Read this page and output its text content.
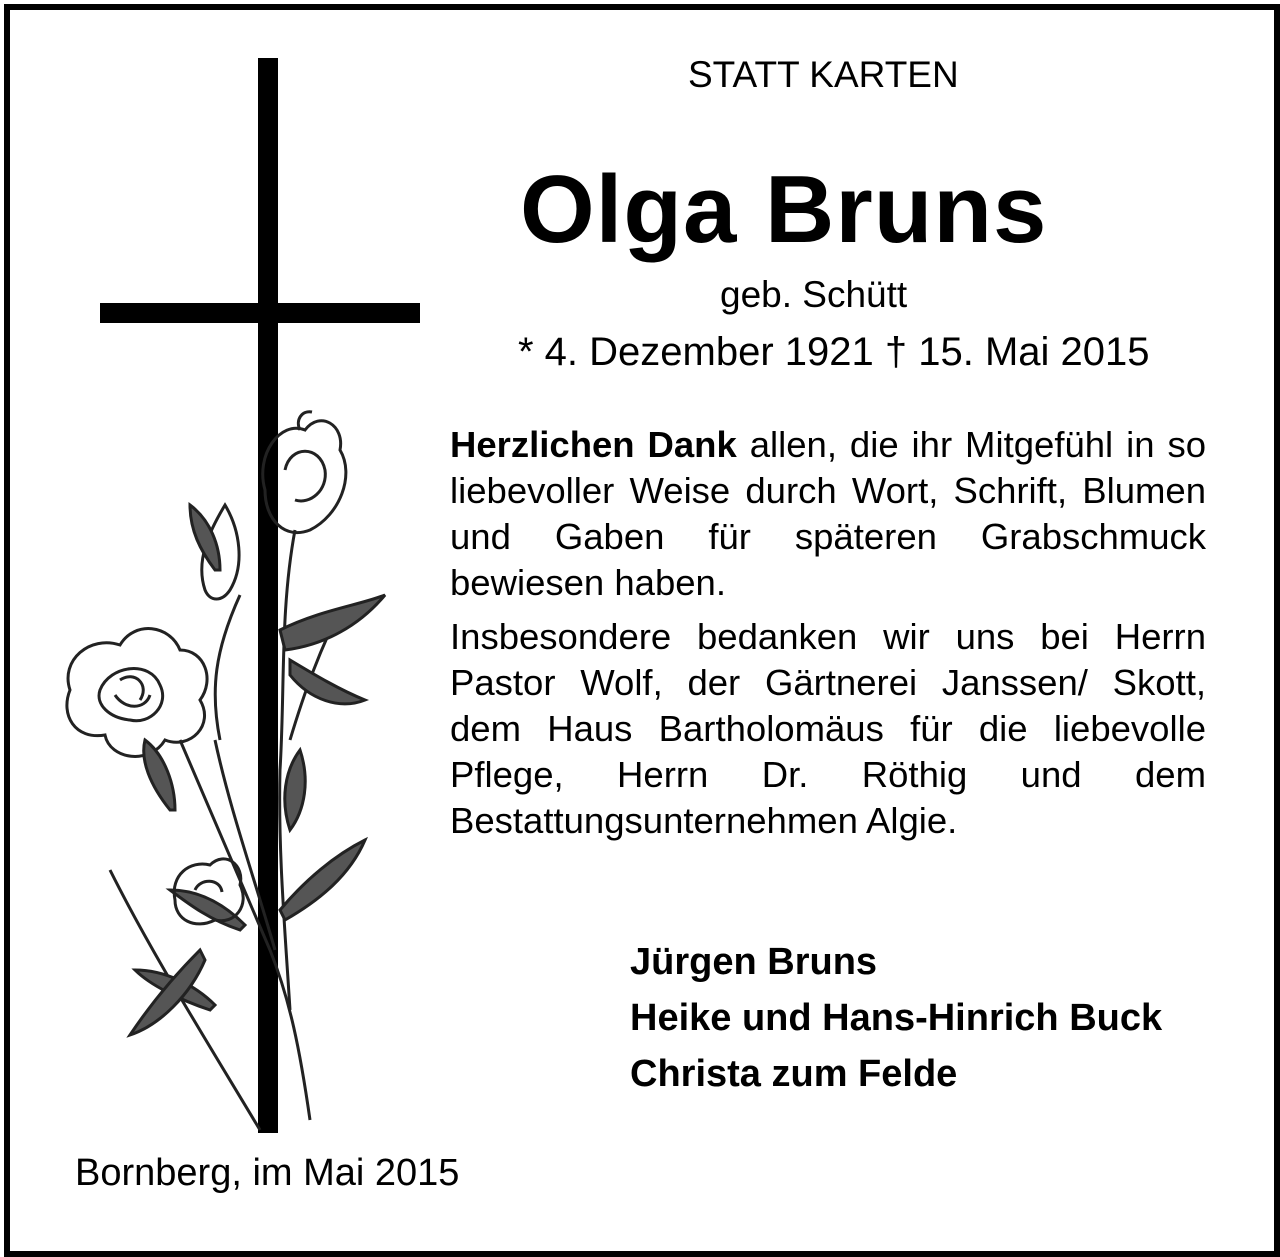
STATT KARTEN
Olga Bruns
geb. Schütt
* 4. Dezember 1921 † 15. Mai 2015

Herzlichen Dank allen, die ihr Mitgefühl in so liebevoller Weise durch Wort, Schrift, Blumen und Gaben für späteren Grabschmuck bewiesen haben.

Insbesondere bedanken wir uns bei Herrn Pastor Wolf, der Gärtnerei Janssen/ Skott, dem Haus Bartholomäus für die liebevolle Pflege, Herrn Dr. Röthig und dem Bestattungsunternehmen Algie.

Jürgen Bruns
Heike und Hans-Hinrich Buck
Christa zum Felde
Bornberg, im Mai 2015
